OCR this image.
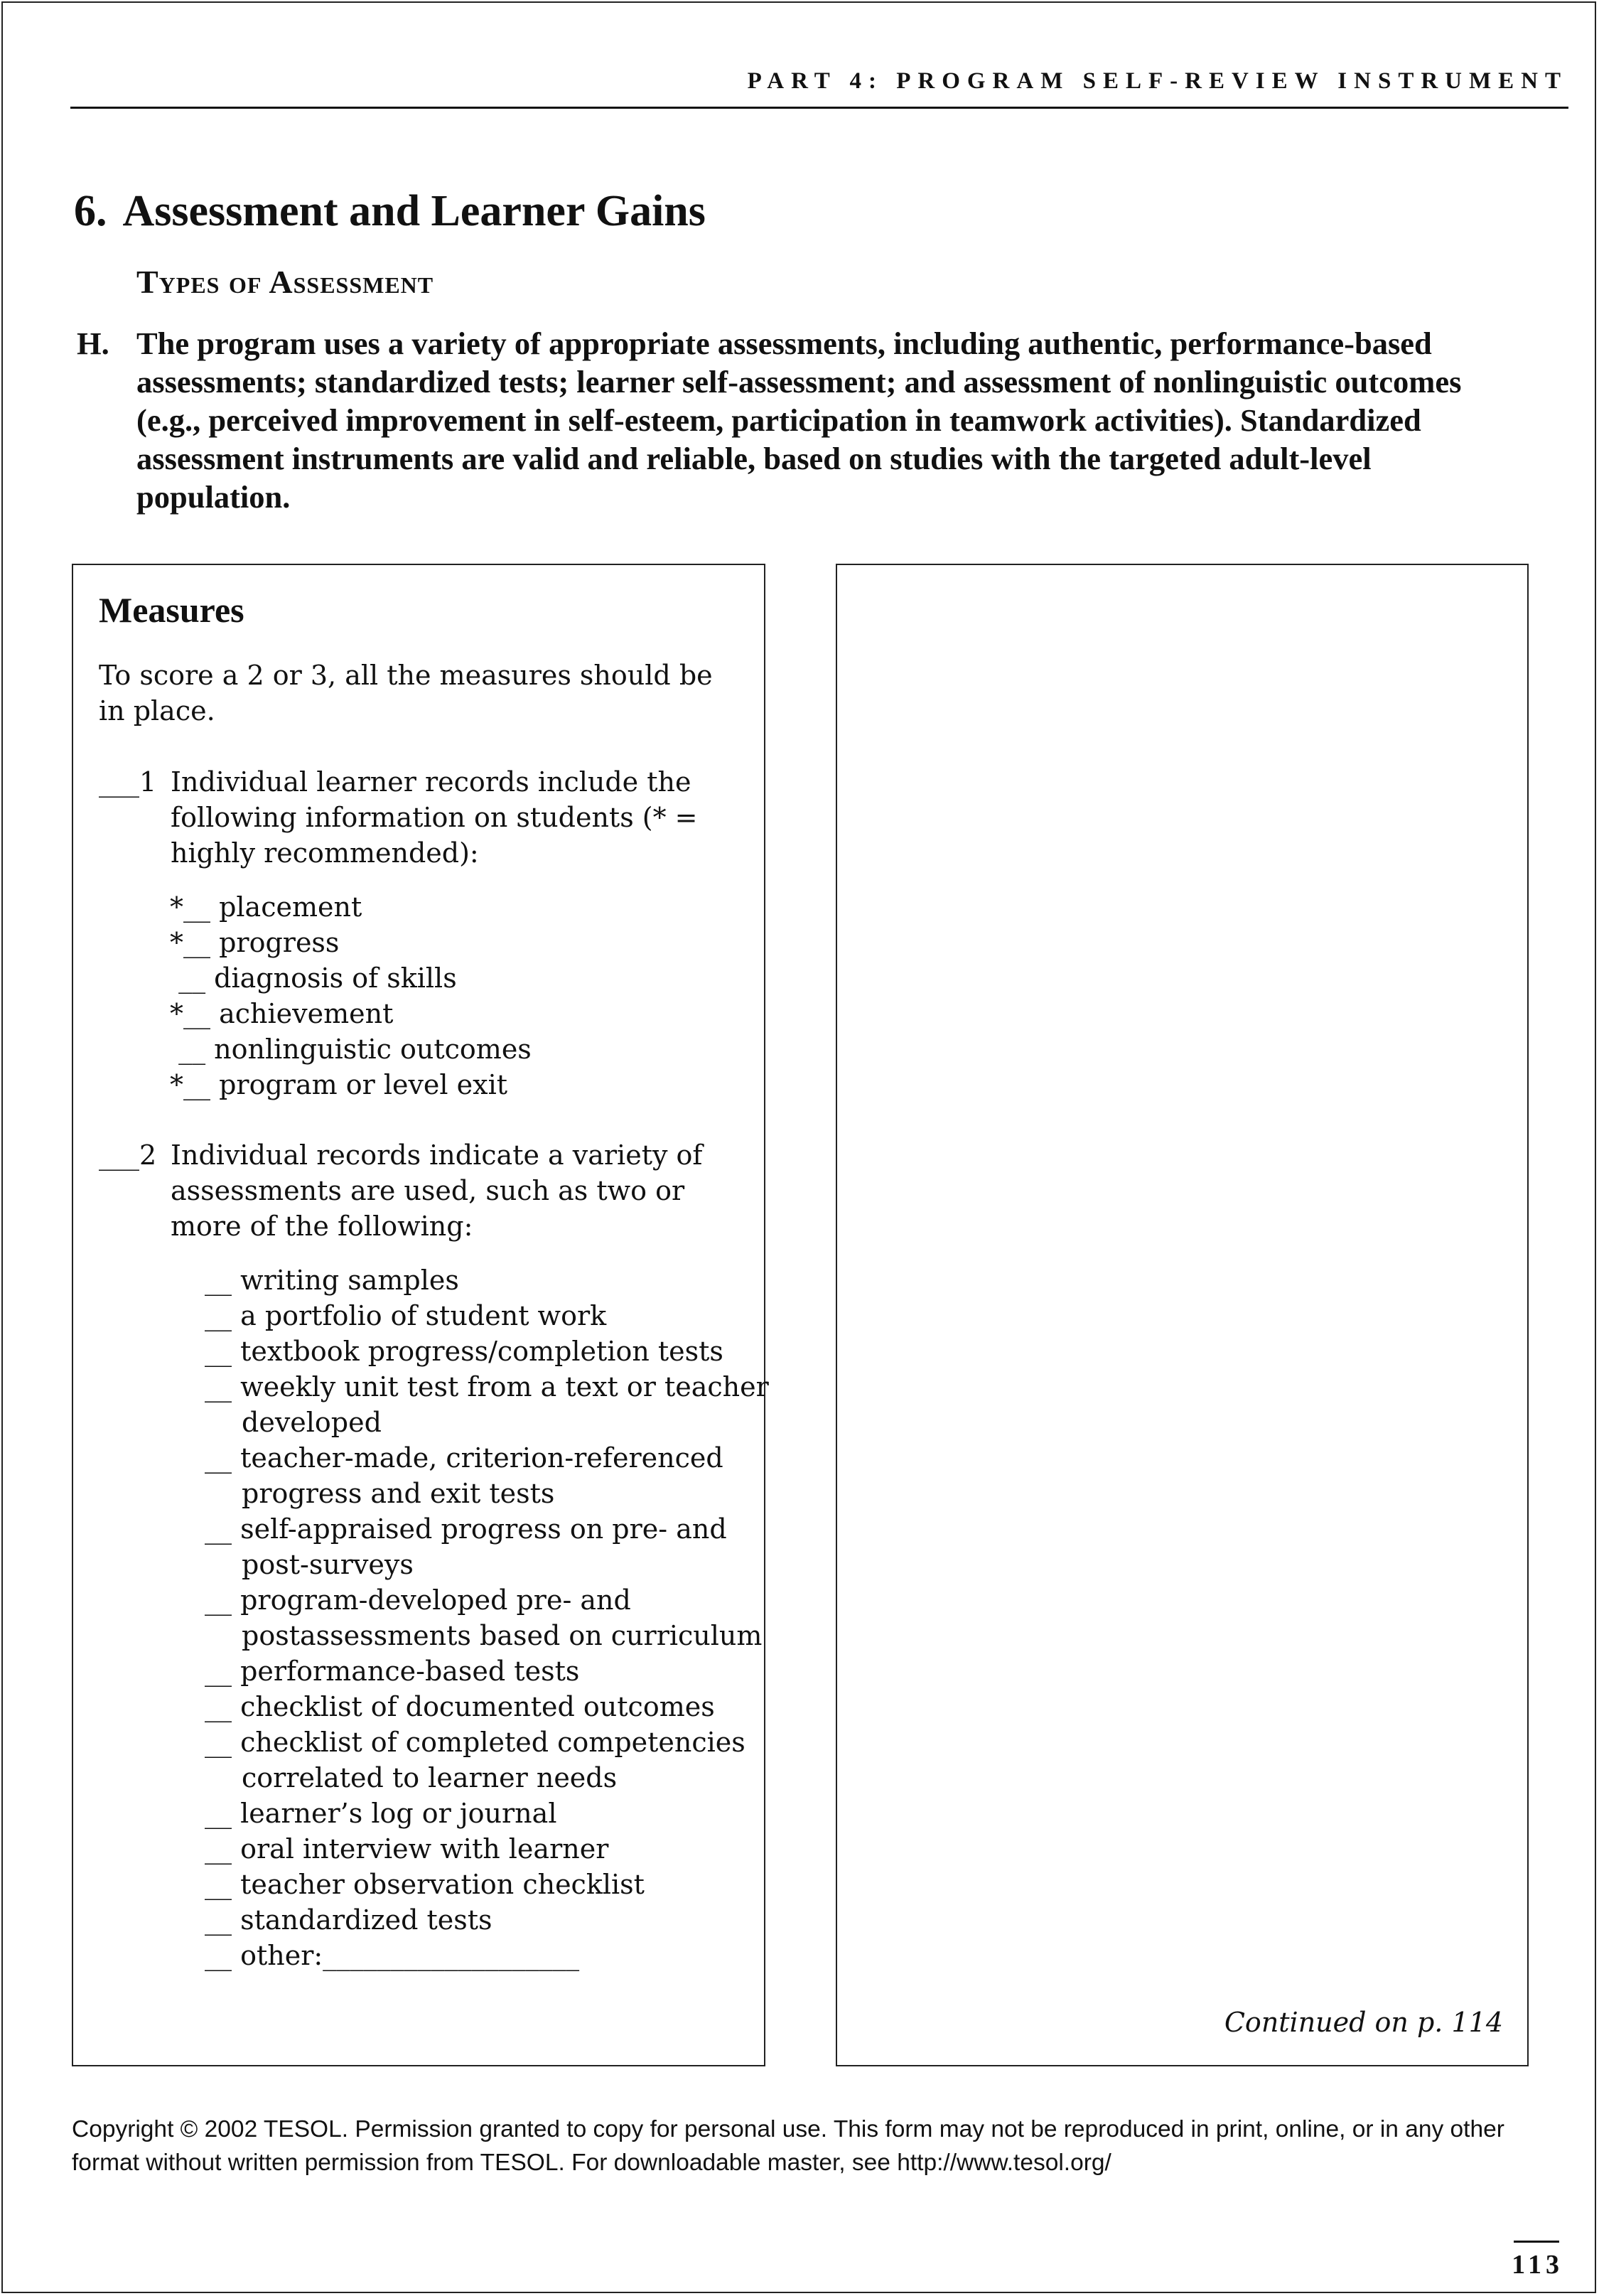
PART 4: PROGRAM SELF-REVIEW INSTRUMENT
6. Assessment and Learner Gains
Types of Assessment
H. The program uses a variety of appropriate assessments, including authentic, performance-based assessments; standardized tests; learner self-assessment; and assessment of nonlinguistic outcomes (e.g., perceived improvement in self-esteem, participation in teamwork activities). Standardized assessment instruments are valid and reliable, based on studies with the targeted adult-level population.
Measures
To score a 2 or 3, all the measures should be in place.
___1 Individual learner records include the following information on students (* = highly recommended):
*__ placement
*__ progress
__ diagnosis of skills
*__ achievement
__ nonlinguistic outcomes
*__ program or level exit
___2 Individual records indicate a variety of assessments are used, such as two or more of the following:
__ writing samples
__ a portfolio of student work
__ textbook progress/completion tests
__ weekly unit test from a text or teacher developed
__ teacher-made, criterion-referenced progress and exit tests
__ self-appraised progress on pre- and post-surveys
__ program-developed pre- and postassessments based on curriculum
__ performance-based tests
__ checklist of documented outcomes
__ checklist of completed competencies correlated to learner needs
__ learner’s log or journal
__ oral interview with learner
__ teacher observation checklist
__ standardized tests
__ other:___________________
Continued on p. 114
Copyright © 2002 TESOL. Permission granted to copy for personal use. This form may not be reproduced in print, online, or in any other format without written permission from TESOL. For downloadable master, see http://www.tesol.org/
113
